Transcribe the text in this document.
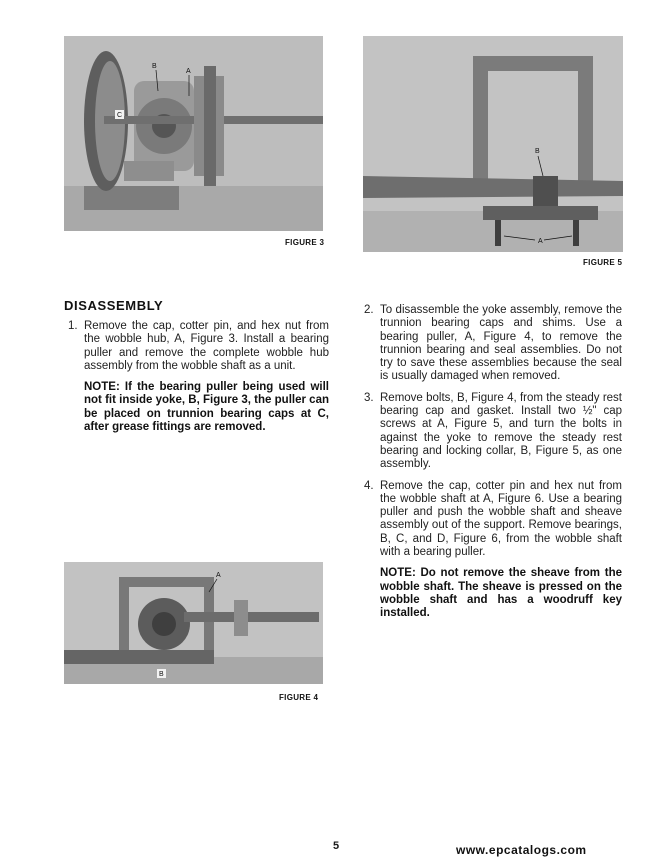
B
A
C
FIGURE 3
B
A
FIGURE 5
A
B
FIGURE 4
DISASSEMBLY
1. Remove the cap, cotter pin, and hex nut from the wobble hub, A, Figure 3. Install a bearing puller and remove the complete wobble hub assembly from the wobble shaft as a unit.
NOTE: If the bearing puller being used will not fit inside yoke, B, Figure 3, the puller can be placed on trunnion bearing caps at C, after grease fittings are removed.
2. To disassemble the yoke assembly, remove the trunnion bearing caps and shims. Use a bearing puller, A, Figure 4, to remove the trunnion bearing and seal assemblies. Do not try to save these assemblies because the seal is usually damaged when removed.
3. Remove bolts, B, Figure 4, from the steady rest bearing cap and gasket. Install two ½" cap screws at A, Figure 5, and turn the bolts in against the yoke to remove the steady rest bearing and locking collar, B, Figure 5, as one assembly.
4. Remove the cap, cotter pin and hex nut from the wobble shaft at A, Figure 6. Use a bearing puller and push the wobble shaft and sheave assembly out of the support. Remove bearings, B, C, and D, Figure 6, from the wobble shaft with a bearing puller.
NOTE: Do not remove the sheave from the wobble shaft. The sheave is pressed on the wobble shaft and has a woodruff key installed.
5	www.epcatalogs.com
